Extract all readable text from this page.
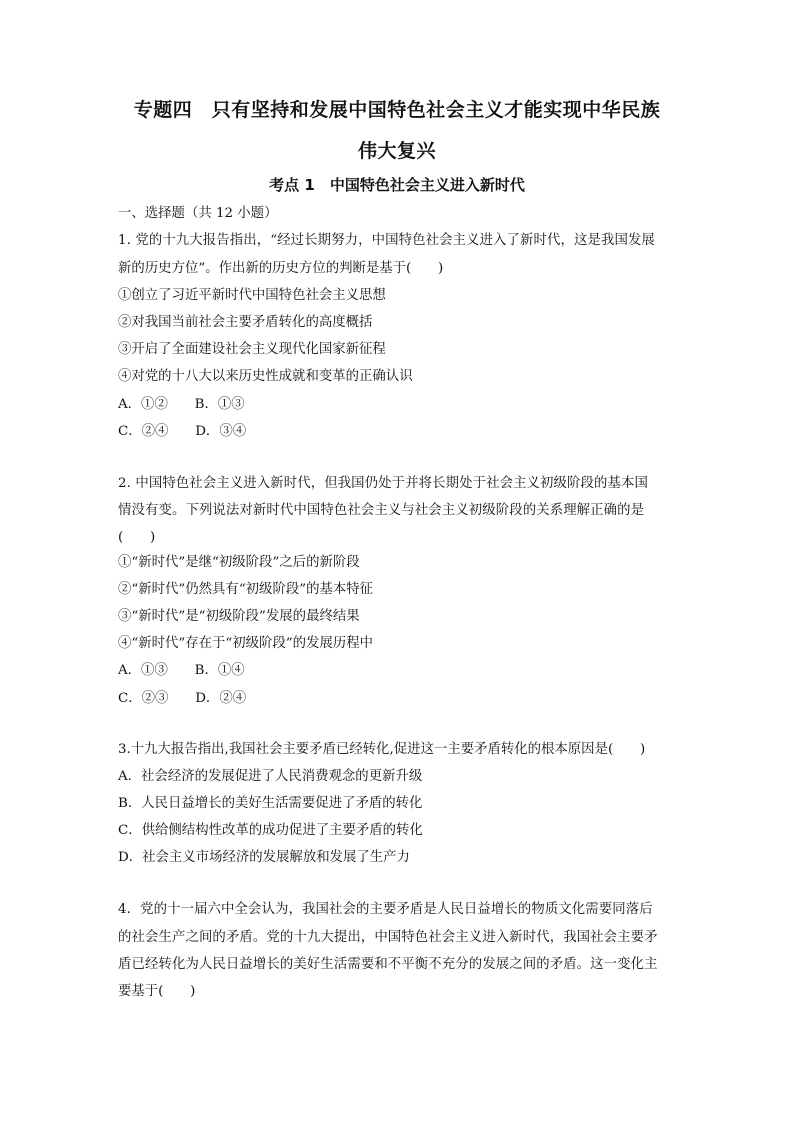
专题四　只有坚持和发展中国特色社会主义才能实现中华民族
伟大复兴
考点 1　中国特色社会主义进入新时代
一、选择题（共 12 小题）
1. 党的十九大报告指出，“经过长期努力，中国特色社会主义进入了新时代，这是我国发展
新的历史方位”。作出新的历史方位的判断是基于(　　)
①创立了习近平新时代中国特色社会主义思想
②对我国当前社会主要矛盾转化的高度概括
③开启了全面建设社会主义现代化国家新征程
④对党的十八大以来历史性成就和变革的正确认识
A．①②　　B．①③
C．②④　　D．③④
2. 中国特色社会主义进入新时代，但我国仍处于并将长期处于社会主义初级阶段的基本国
情没有变。下列说法对新时代中国特色社会主义与社会主义初级阶段的关系理解正确的是
(　　)
①“新时代”是继“初级阶段”之后的新阶段
②“新时代”仍然具有“初级阶段”的基本特征
③“新时代”是“初级阶段”发展的最终结果
④“新时代”存在于“初级阶段”的发展历程中
A．①③　　B．①④
C．②③　　D．②④
3.十九大报告指出,我国社会主要矛盾已经转化,促进这一主要矛盾转化的根本原因是(　　)
A．社会经济的发展促进了人民消费观念的更新升级
B．人民日益增长的美好生活需要促进了矛盾的转化
C．供给侧结构性改革的成功促进了主要矛盾的转化
D．社会主义市场经济的发展解放和发展了生产力
4．党的十一届六中全会认为，我国社会的主要矛盾是人民日益增长的物质文化需要同落后
的社会生产之间的矛盾。党的十九大提出，中国特色社会主义进入新时代，我国社会主要矛
盾已经转化为人民日益增长的美好生活需要和不平衡不充分的发展之间的矛盾。这一变化主
要基于(　　)
